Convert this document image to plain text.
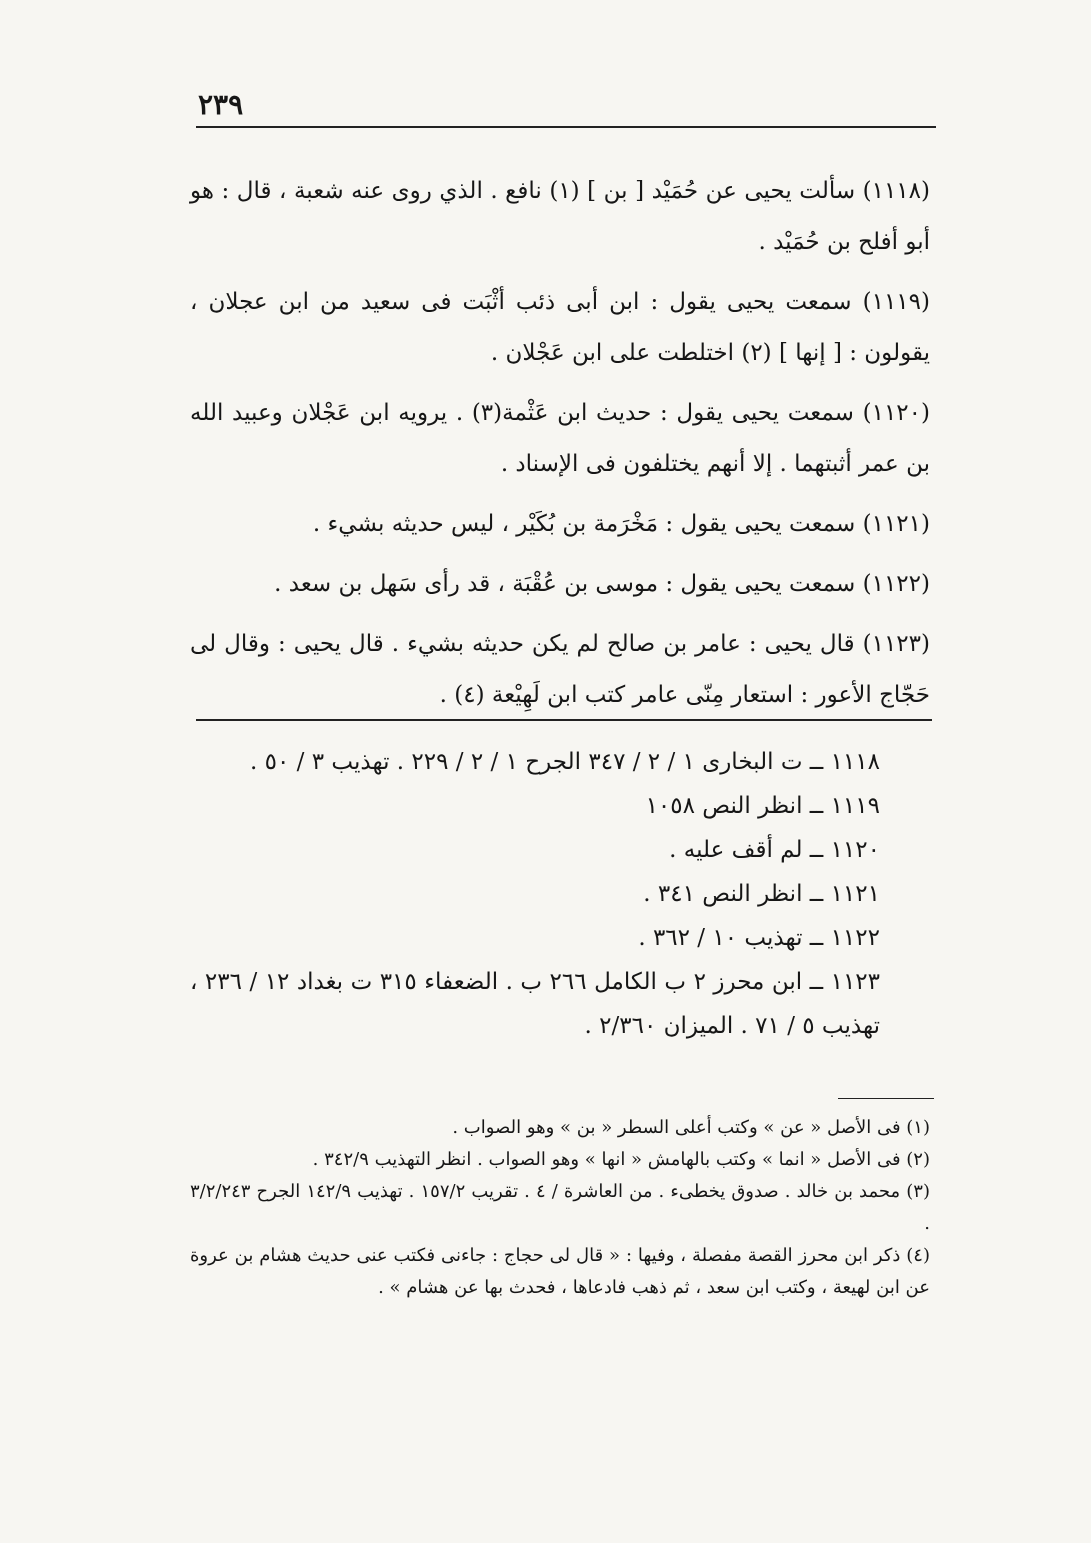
٢٣٩

(١١١٨) سألت يحيى عن حُمَيْد [ بن ] (١) نافع . الذي روى عنه شعبة ، قال : هو أبو أفلح بن حُمَيْد .

(١١١٩) سمعت يحيى يقول : ابن أبى ذئب أثْبَت فى سعيد من ابن عجلان ، يقولون : [ إنها ] (٢) اختلطت على ابن عَجْلان .

(١١٢٠) سمعت يحيى يقول : حديث ابن عَثْمة(٣) . يرويه ابن عَجْلان وعبيد الله بن عمر أثبتهما . إلا أنهم يختلفون فى الإسناد .

(١١٢١) سمعت يحيى يقول : مَخْرَمة بن بُكَيْر ، ليس حديثه بشيء .

(١١٢٢) سمعت يحيى يقول : موسى بن عُقْبَة ، قد رأى سَهل بن سعد .

(١١٢٣) قال يحيى : عامر بن صالح لم يكن حديثه بشيء . قال يحيى : وقال لى حَجّاج الأعور : استعار مِنّى عامر كتب ابن لَهِيْعة (٤) .

١١١٨ ــ ت البخارى ١ / ٢ / ٣٤٧ الجرح ١ / ٢ / ٢٢٩ . تهذيب ٣ / ٥٠ .

١١١٩ ــ انظر النص ١٠٥٨

١١٢٠ ــ لم أقف عليه .

١١٢١ ــ انظر النص ٣٤١ .

١١٢٢ ــ تهذيب ١٠ / ٣٦٢ .

١١٢٣ ــ ابن محرز ٢ ب الكامل ٢٦٦ ب . الضعفاء ٣١٥ ت بغداد ١٢ / ٢٣٦ ، تهذيب ٥ / ٧١ . الميزان ٢/٣٦٠ .

(١) فى الأصل « عن » وكتب أعلى السطر « بن » وهو الصواب .

(٢) فى الأصل « انما » وكتب بالهامش « انها » وهو الصواب . انظر التهذيب ٣٤٢/٩ .

(٣) محمد بن خالد . صدوق يخطىء . من العاشرة / ٤ . تقريب ١٥٧/٢ . تهذيب ١٤٢/٩ الجرح ٣/٢/٢٤٣ .

(٤) ذكر ابن محرز القصة مفصلة ، وفيها : « قال لى حجاج : جاءنى فكتب عنى حديث هشام بن عروة عن ابن لهيعة ، وكتب ابن سعد ، ثم ذهب فادعاها ، فحدث بها عن هشام » .
